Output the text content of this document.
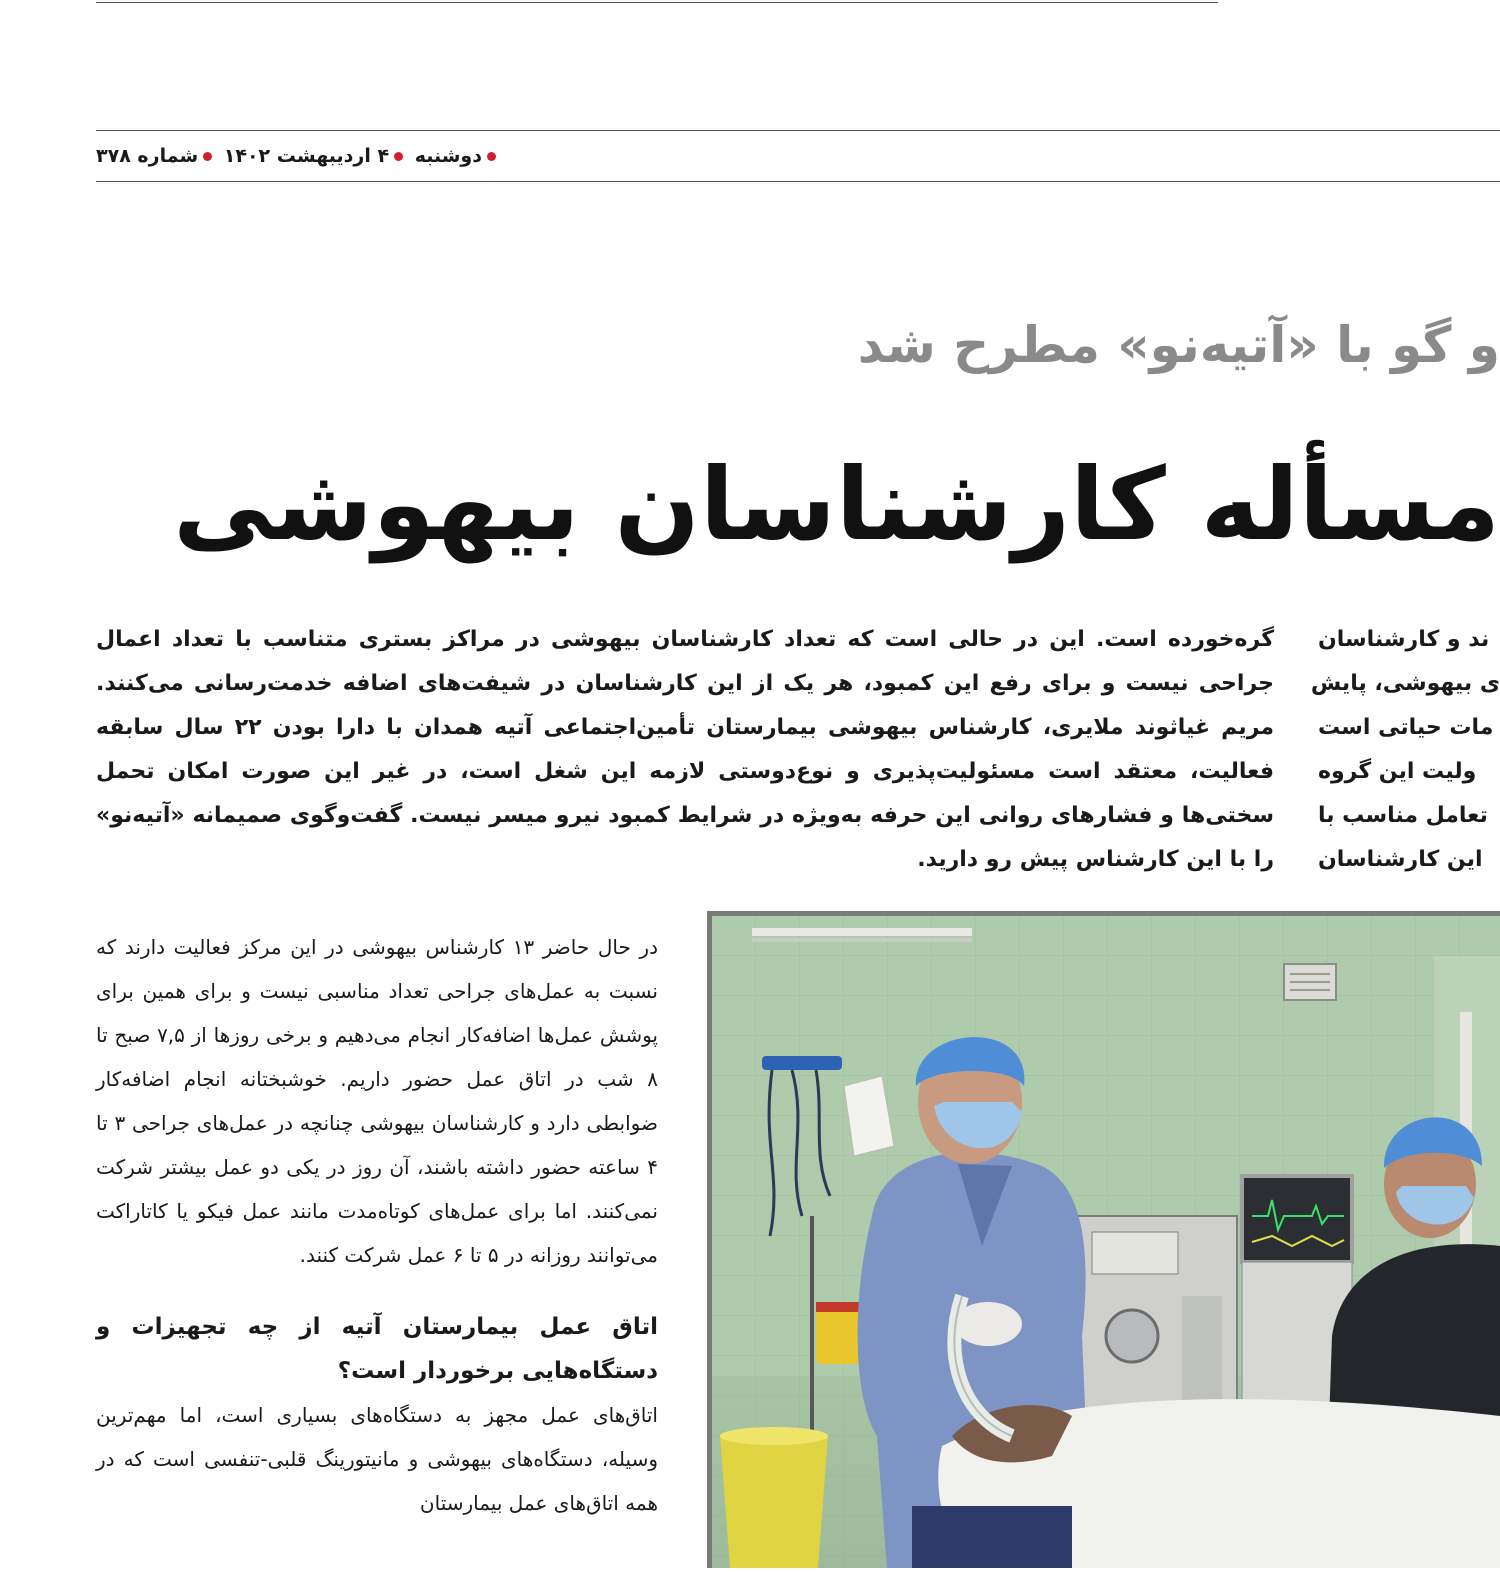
دوشنبه ۴ اردیبهشت ۱۴۰۲ شماره ۳۷۸
و گو با «آتیه‌نو» مطرح شد
مسأله کارشناسان بیهوشی

گره‌خورده است. این در حالی است که تعداد کارشناسان بیهوشی در مراکز بستری متناسب با تعداد اعمال جراحی نیست و برای رفع این کمبود، هر یک از این کارشناسان در شیفت‌های اضافه خدمت‌رسانی می‌کنند. مریم غیاثوند ملایری، کارشناس بیهوشی بیمارستان تأمین‌اجتماعی آتیه همدان با دارا بودن ۲۲ سال سابقه فعالیت، معتقد است مسئولیت‌پذیری و نوع‌دوستی لازمه این شغل است، در غیر این صورت امکان تحمل سختی‌ها و فشارهای روانی این حرفه به‌ویژه در شرایط کمبود نیرو میسر نیست. گفت‌وگوی صمیمانه «آتیه‌نو» را با این کارشناس پیش رو دارید.

ند و کارشناسان
ی بیهوشی، پایش
مات حیاتی است
ولیت این گروه
تعامل مناسب با
این کارشناسان

در حال حاضر ۱۳ کارشناس بیهوشی در این مرکز فعالیت دارند که نسبت به عمل‌های جراحی تعداد مناسبی نیست و برای همین برای پوشش عمل‌ها اضافه‌کار انجام می‌دهیم و برخی روزها از ۷,۵ صبح تا ۸ شب در اتاق عمل حضور داریم. خوشبختانه انجام اضافه‌کار ضوابطی دارد و کارشناسان بیهوشی چنانچه در عمل‌های جراحی ۳ تا ۴ ساعته حضور داشته باشند، آن روز در یکی دو عمل بیشتر شرکت نمی‌کنند. اما برای عمل‌های کوتاه‌مدت مانند عمل فیکو یا کاتاراکت می‌توانند روزانه در ۵ تا ۶ عمل شرکت کنند.

اتاق عمل بیمارستان آتیه از چه تجهیزات و دستگاه‌هایی برخوردار است؟

اتاق‌های عمل مجهز به دستگاه‌های بسیاری است، اما مهم‌ترین وسیله، دستگاه‌های بیهوشی و مانیتورینگ قلبی-تنفسی است که در همه اتاق‌های عمل بیمارستان
